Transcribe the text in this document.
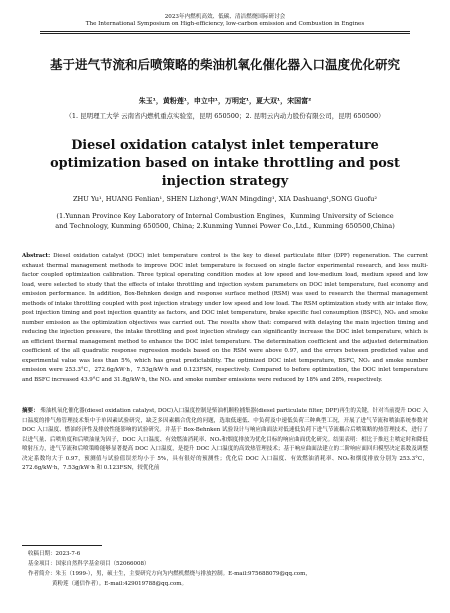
2023年内燃机高效、低碳、清洁燃烧国际研讨会
The International Symposium on High-efficiency, low-carbon emission and Combustion in Engines
基于进气节流和后喷策略的柴油机氧化催化器入口温度优化研究
朱玉¹，黄粉莲¹，申立中¹，万明定¹，夏大双¹，宋国富²
（1. 昆明理工大学 云南省内燃机重点实验室，昆明 650500；2. 昆明云内动力股份有限公司，昆明 650500）
Diesel oxidation catalyst inlet temperature optimization based on intake throttling and post injection strategy
ZHU Yu¹, HUANG Fenlian¹, SHEN Lizhong¹,WAN Mingding¹, XIA Dashuang¹,SONG Guofu²
(1.Yunnan Province Key Laboratory of Internal Combustion Engines，Kunming University of Science and Technology, Kunming 650500, China; 2.Kunming Yunnei Power Co.,Ltd., Kunming 650500,China)
Abstract: Diesel oxidation catalyst (DOC) inlet temperature control is the key to diesel particulate filter (DPF) regeneration. The current exhaust thermal management methods to improve DOC inlet temperature is focused on single factor experimental research, and less multi-factor coupled optimization calibration. Three typical operating condition modes at low speed and low-medium load, medium speed and low load, were selected to study that the effects of intake throttling and injection system parameters on DOC inlet temperature, fuel economy and emission performance. In addition, Box-Behnken design and response surface method (RSM) was used to research the thermal management methods of intake throttling coupled with post injection strategy under low speed and low load. The RSM optimization study with air intake flow, post injection timing and post injection quantity as factors, and DOC inlet temperature, brake specific fuel consumption (BSFC), NOₓ and smoke number emission as the optimization objectives was carried out. The results show that: compared with delaying the main injection timing and reducing the injection pressure, the intake throttling and post injection strategy can significantly increase the DOC inlet temperature, which is an efficient thermal management method to enhance the DOC inlet temperature. The determination coefficient and the adjusted determination coefficient of the all quadratic response regression models based on the RSM were above 0.97, and the errors between predicted value and experimental value was less than 5%, which has great predictability. The optimized DOC inlet temperature, BSFC, NOₓ and smoke number emission were 253.3°C，272.6g/kW·h，7.53g/kW·h and 0.123FSN, respectively. Compared to before optimization, the DOC inlet temperature and BSFC increased 43.9°C and 31.8g/kW·h, the NOₓ and smoke number emissions were reduced by 18% and 28%, respectively.
摘要： 柴油机氧化催化器(diesel oxidation catalyst, DOC)入口温度控制是柴油机颗粒捕集器(diesel particulate filter, DPF)再生的关键，针对当前提升 DOC 入口温度的排气热管理技术集中于单因素试验研究，缺乏多因素耦合优化的问题，选取低速低、中负荷及中速低负荷三种典型工况，开展了进气节流和喷油系统参数对 DOC 入口温度、燃油经济性及排放性能影响的试验研究。并基于 Box-Behnken 试验设计与响应曲面法对低速低负荷下进气节流耦合后喷策略的热管理技术，进行了以进气量、后喷角度和后喷油量为因子，DOC 入口温度、有效燃油消耗率、NOₓ和烟度排放为优化目标的响应曲面优化研究。结果表明：相比于推迟主喷定时和降低喷射压力，进气节流和后喷策略能够显著提高 DOC 入口温度，是提升 DOC 入口温度的高效热管理技术；基于响应曲面法建立的二阶响应面回归模型决定系数及调整决定系数均大于 0.97，预测值与试验值误差均小于 5%，具有很好的预测性；优化后 DOC 入口温度、有效燃油消耗率、NOₓ和烟度排放分别为 253.3°C，272.6g/kW·h，7.53g/kW·h 和 0.123FSN，较优化前
收稿日期：2023-7-6
基金项目：国家自然科学基金项目（52066008）
作者简介：朱玉（1999-），男，硕士生，主要研究方向为内燃机燃烧与排放控制。E-mail:975688079@qq.com，
黄粉莲（通信作者）。E-mail:429019788@qq.com。
